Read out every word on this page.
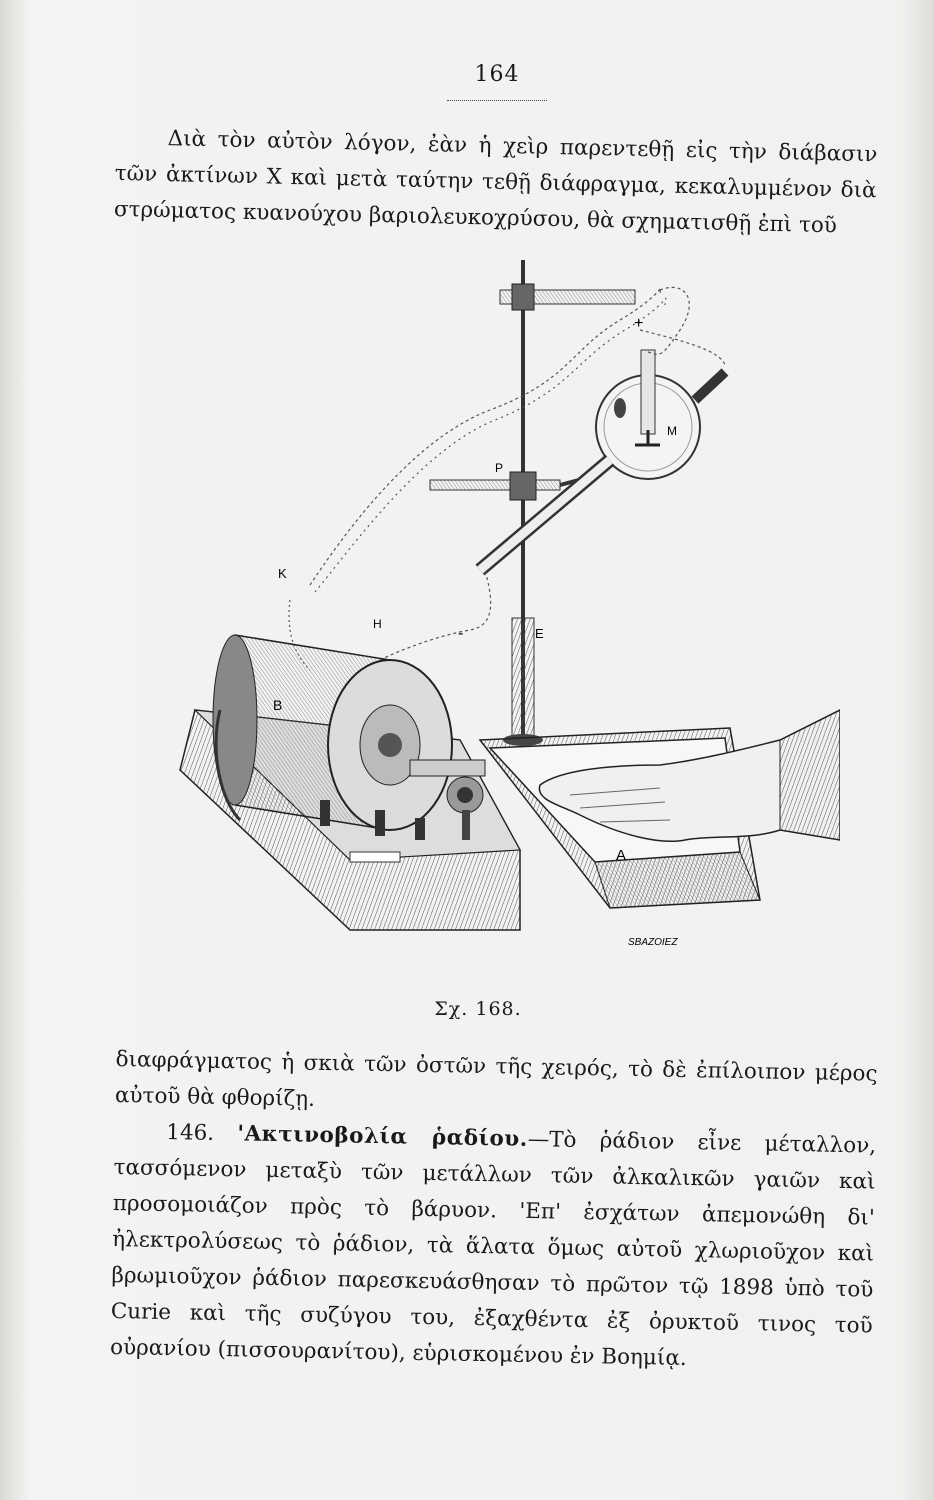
164

Διὰ τὸν αὐτὸν λόγον, ἐὰν ἡ χεὶρ παρεντεθῇ εἰς τὴν διάβασιν τῶν ἀκτίνων X καὶ μετὰ ταύτην τεθῇ διάφραγμα, κεκαλυμμένον διὰ στρώματος κυανούχου βαριολευκοχρύσου, θὰ σχηματισθῇ ἐπὶ τοῦ

K
H
E
P
M
B
A
+
-
SBAZOIEZ
Σχ. 168.

διαφράγματος ἡ σκιὰ τῶν ὀστῶν τῆς χειρός, τὸ δὲ ἐπίλοιπον μέρος αὐτοῦ θὰ φθορίζῃ.

146. 'Ακτινοβολία ῥαδίου.—Τὸ ῥάδιον εἶνε μέταλλον, τασσόμενον μεταξὺ τῶν μετάλλων τῶν ἀλκαλικῶν γαιῶν καὶ προσομοιάζον πρὸς τὸ βάρυον. 'Επ' ἐσχάτων ἀπεμονώθη δι' ἠλεκτρολύσεως τὸ ῥάδιον, τὰ ἅλατα ὅμως αὐτοῦ χλωριοῦχον καὶ βρωμιοῦχον ῥάδιον παρεσκευάσθησαν τὸ πρῶτον τῷ 1898 ὑπὸ τοῦ Curie καὶ τῆς συζύγου του, ἐξαχθέντα ἐξ ὀρυκτοῦ τινος τοῦ οὐρανίου (πισσουρανίτου), εὑρισκομένου ἐν Βοημίᾳ.
